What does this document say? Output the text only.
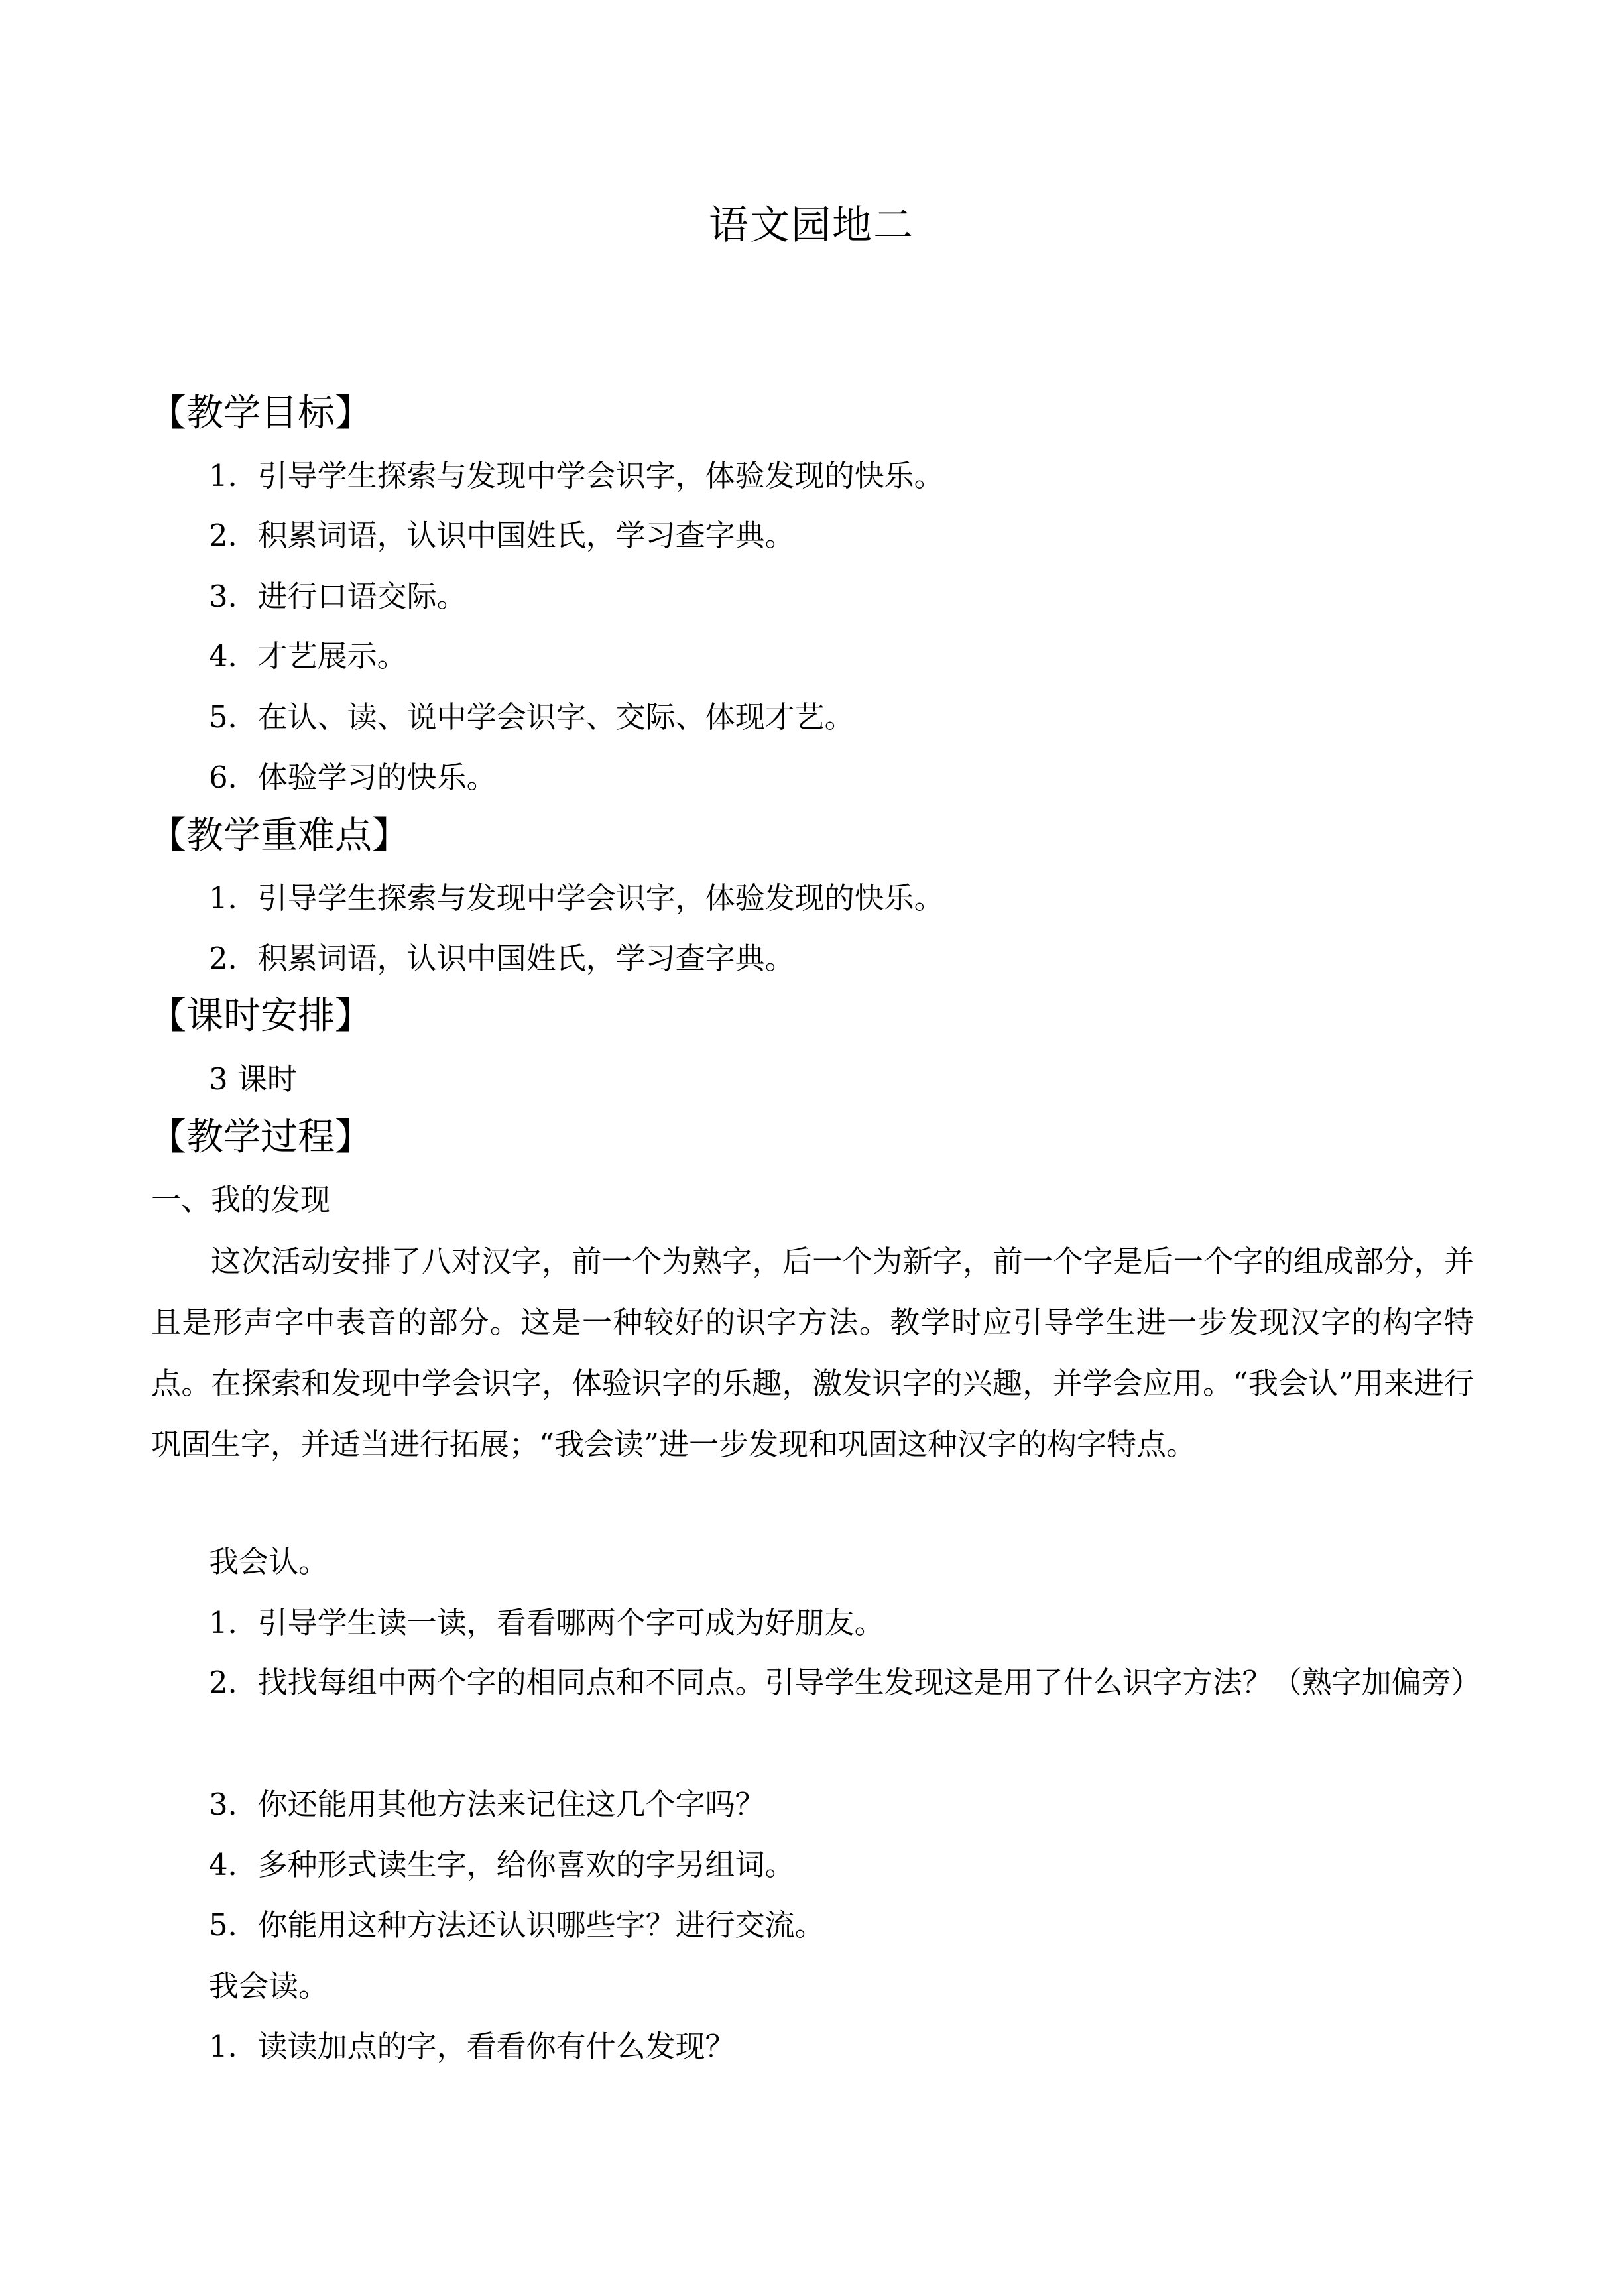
语文园地二
【教学目标】
1．引导学生探索与发现中学会识字，体验发现的快乐。
2．积累词语，认识中国姓氏，学习查字典。
3．进行口语交际。
4．才艺展示。
5．在认、读、说中学会识字、交际、体现才艺。
6．体验学习的快乐。
【教学重难点】
1．引导学生探索与发现中学会识字，体验发现的快乐。
2．积累词语，认识中国姓氏，学习查字典。
【课时安排】
3 课时
【教学过程】
一、我的发现
这次活动安排了八对汉字，前一个为熟字，后一个为新字，前一个字是后一个字的组成部分，并且是形声字中表音的部分。这是一种较好的识字方法。教学时应引导学生进一步发现汉字的构字特点。在探索和发现中学会识字，体验识字的乐趣，激发识字的兴趣，并学会应用。“我会认”用来进行巩固生字，并适当进行拓展；“我会读”进一步发现和巩固这种汉字的构字特点。
我会认。
1．引导学生读一读，看看哪两个字可成为好朋友。
2．找找每组中两个字的相同点和不同点。引导学生发现这是用了什么识字方法？（熟字加偏旁）
3．你还能用其他方法来记住这几个字吗？
4．多种形式读生字，给你喜欢的字另组词。
5．你能用这种方法还认识哪些字？进行交流。
我会读。
1．读读加点的字，看看你有什么发现？
